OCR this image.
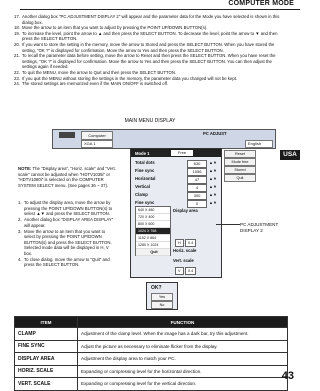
COMPUTER MODE
USA
17. Another dialog box "PC ADJUSTMENT DISPLAY 2" will appear and the parameter data for the Mode you have selected is shown in this dialog box.
18. Move the arrow to an item that you want to adjust by pressing the POINT UP/DOWN BUTTON(s).
19. To increase the level, point the arrow to ▲ and then press the SELECT BUTTON. To decrease the level, point the arrow to ▼ and then press the SELECT BUTTON.
20. If you want to store the setting in the memory, move the arrow to Stored and press the SELECT BUTTON. When you have stored the setting, "OK ?" is displayed for confirmation. Move the arrow to Yes and then press the SELECT BUTTON.
21. To recall the parameter data before setting, move the arrow to Reset and then press the SELECT BUTTON. When you have reset the settings, "OK ?" is displayed for confirmation. Move the arrow to Yes and then press the SELECT BUTTON. You can then adjust the settings again if needed.
22. To quit the MENU, move the arrow to Quit and then press the SELECT BUTTON.
23. If you quit the MENU without storing the settings in the memory, the parameter data you changed will not be kept.
24. The stored settings are memorized even if the MAIN ON/OFF is switched off.
MAIN MENU DISPLAY
Computer	PC ADJUST
XGA 1	English
Mode 1	Free
Total dots	630	▲▼
Fine sync	1056	▲▼
Horizontal	47	▲▼
Vertical	4	▲▼
Clamp	300	▲▼
Fine sync	0	▲▼
Display area
640 X 480
720 X 400
800 X 600
1024 X 768
1152 X 864
1280 X 1024
Quit	Horiz. scale
Vert. scale
H	0.4
V	0.4
Reset
Mode free
Stored
Quit
PC ADJUSTMENT
DISPLAY 2
OK?
Yes
No
NOTE: The "Display area", "Horiz. scale" and "Vert. scale" cannot be adjusted when "HDTV1035i" or "HDTV1080i" is selected on the COMPUTER SYSTEM SELECT menu. (See pages 36 ~ 37).
1. To adjust the display area, move the arrow by pressing the POINT UP/DOWN BUTTON(s) to select ▲▼ and press the SELECT BUTTON.
2. Another dialog box "DISPLAY AREA DISPLAY" will appear.
3. Move the arrow to an item that you want to select by pressing the POINT UP/DOWN BUTTON(s) and press the SELECT BUTTON. Selected mode data will be displayed in H, V box.
4. To close dialog, move the arrow to "Quit" and press the SELECT BUTTON.
ITEM	FUNCTION
CLAMP	Adjustment of the clamp level. When the image has a dark bar, try this adjustment.
FINE SYNC	Adjust the picture as necessary to eliminate flicker from the display.
DISPLAY AREA	Adjustment the display area to match your PC.
HORIZ. SCALE	Expanding or compressing level for the horizontal direction.
VERT. SCALE	Expanding or compressing level for the vertical direction.
43
